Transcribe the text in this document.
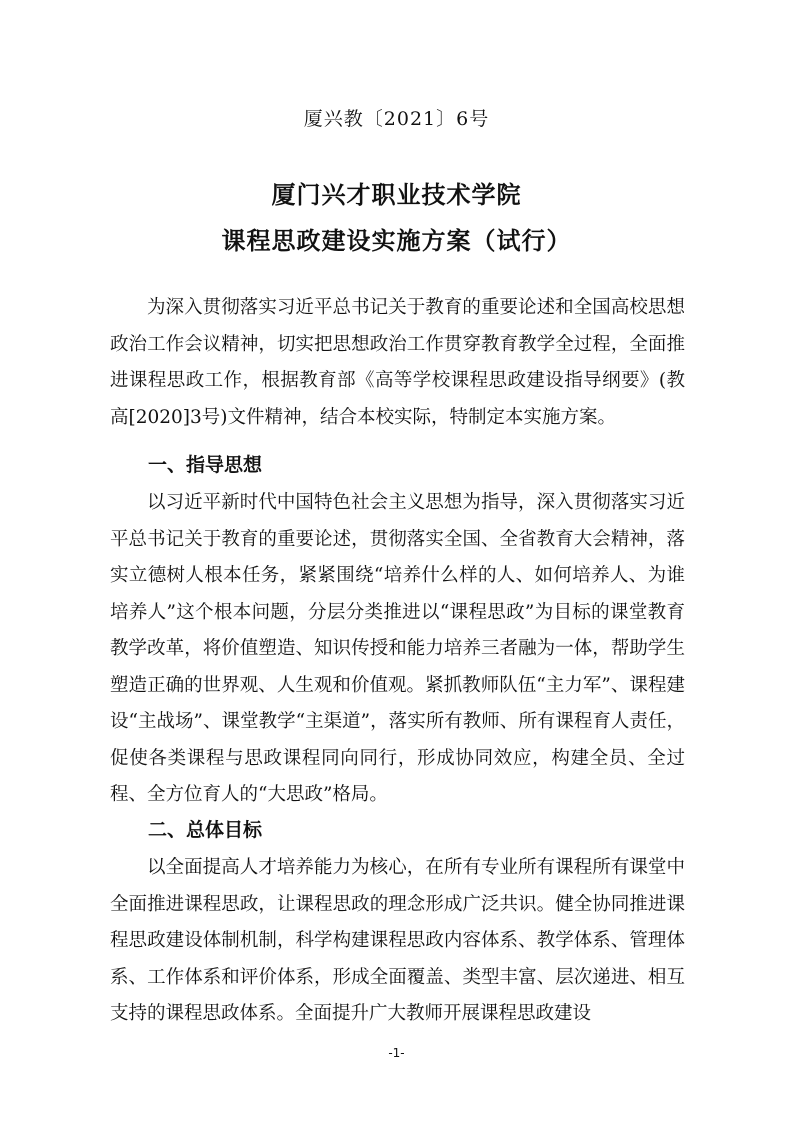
厦兴教〔2021〕6号
厦门兴才职业技术学院
课程思政建设实施方案（试行）

为深入贯彻落实习近平总书记关于教育的重要论述和全国高校思想政治工作会议精神，切实把思想政治工作贯穿教育教学全过程，全面推进课程思政工作，根据教育部《高等学校课程思政建设指导纲要》(教高[2020]3号)文件精神，结合本校实际，特制定本实施方案。

一、指导思想

以习近平新时代中国特色社会主义思想为指导，深入贯彻落实习近平总书记关于教育的重要论述，贯彻落实全国、全省教育大会精神，落实立德树人根本任务，紧紧围绕“培养什么样的人、如何培养人、为谁培养人”这个根本问题，分层分类推进以“课程思政”为目标的课堂教育教学改革，将价值塑造、知识传授和能力培养三者融为一体，帮助学生塑造正确的世界观、人生观和价值观。紧抓教师队伍“主力军”、课程建设“主战场”、课堂教学“主渠道”，落实所有教师、所有课程育人责任，促使各类课程与思政课程同向同行，形成协同效应，构建全员、全过程、全方位育人的“大思政”格局。

二、总体目标

以全面提高人才培养能力为核心，在所有专业所有课程所有课堂中全面推进课程思政，让课程思政的理念形成广泛共识。健全协同推进课程思政建设体制机制，科学构建课程思政内容体系、教学体系、管理体系、工作体系和评价体系，形成全面覆盖、类型丰富、层次递进、相互支持的课程思政体系。全面提升广大教师开展课程思政建设

-1-
